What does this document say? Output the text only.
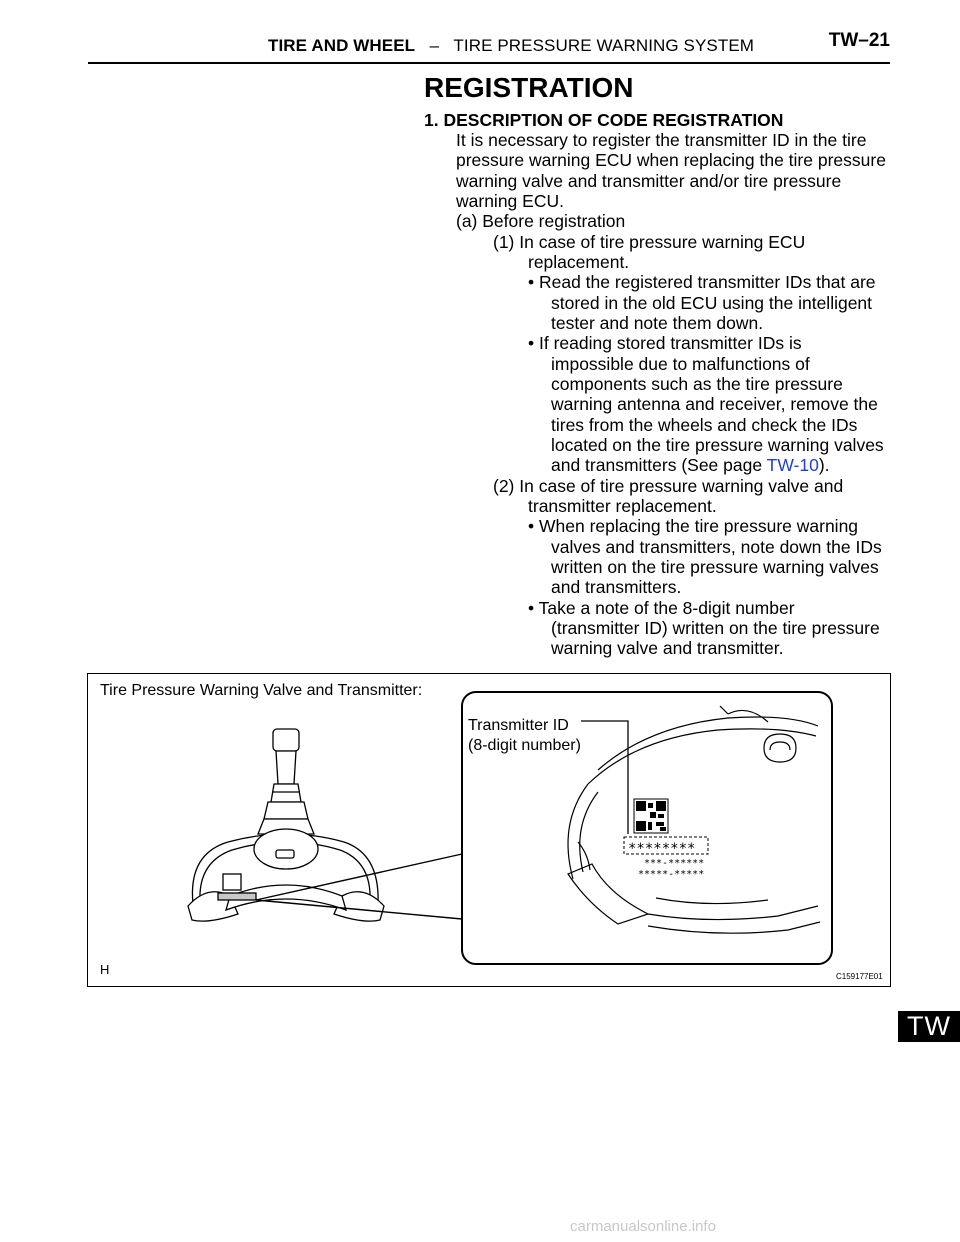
TIRE AND WHEEL – TIRE PRESSURE WARNING SYSTEM	TW–21
REGISTRATION
1. DESCRIPTION OF CODE REGISTRATION
It is necessary to register the transmitter ID in the tire
pressure warning ECU when replacing the tire pressure
warning valve and transmitter and/or tire pressure
warning ECU.
(a) Before registration
(1) In case of tire pressure warning ECU
replacement.
• Read the registered transmitter IDs that are
stored in the old ECU using the intelligent
tester and note them down.
• If reading stored transmitter IDs is
impossible due to malfunctions of
components such as the tire pressure
warning antenna and receiver, remove the
tires from the wheels and check the IDs
located on the tire pressure warning valves
and transmitters (See page TW-10).
(2) In case of tire pressure warning valve and
transmitter replacement.
• When replacing the tire pressure warning
valves and transmitters, note down the IDs
written on the tire pressure warning valves
and transmitters.
• Take a note of the 8-digit number
(transmitter ID) written on the tire pressure
warning valve and transmitter.
Tire Pressure Warning Valve and Transmitter:
Transmitter ID
(8-digit number)
********
***-******
*****-*****
H	C159177E01
TW
carmanualsonline.info
